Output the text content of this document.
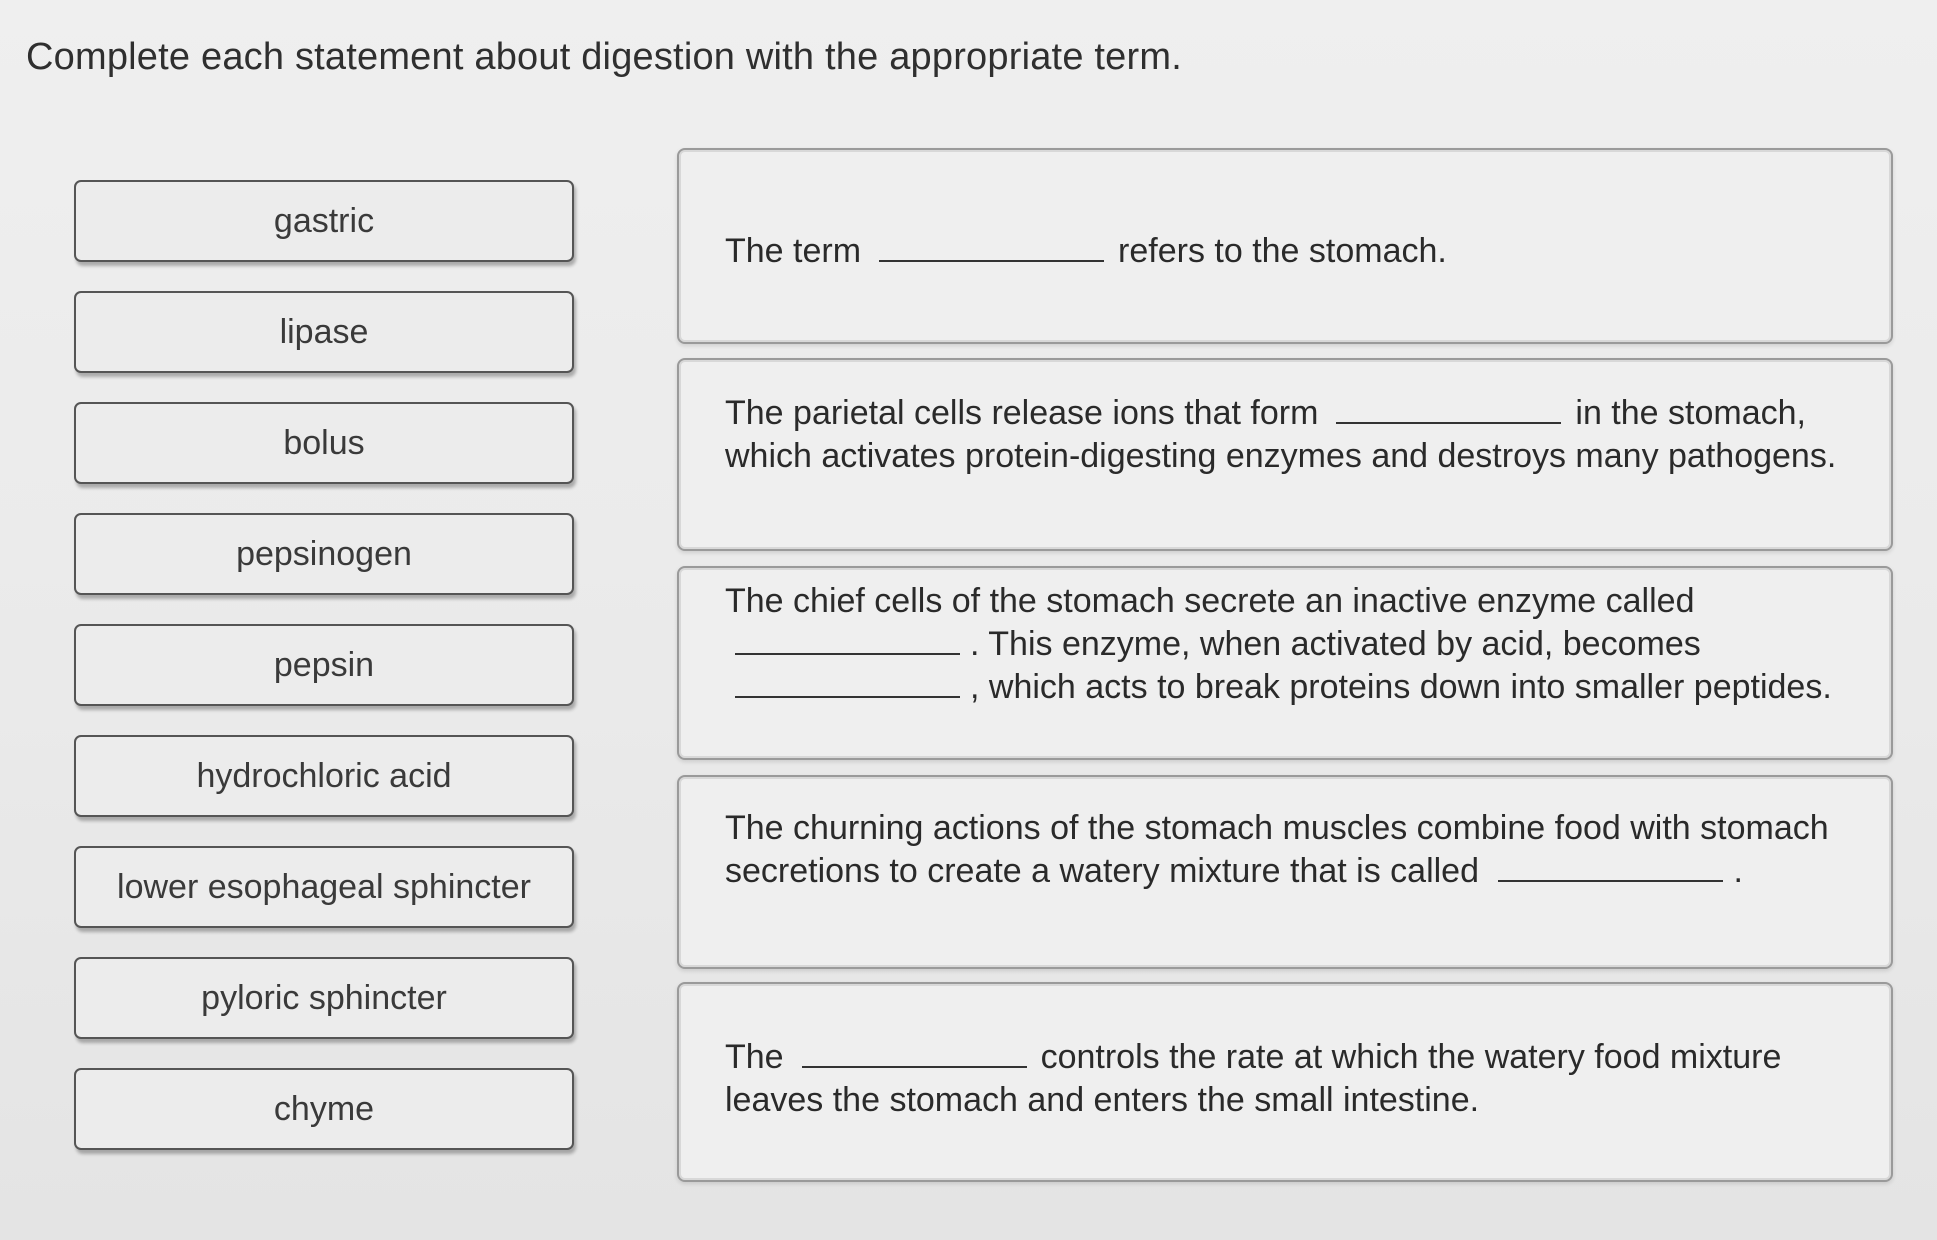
Complete each statement about digestion with the appropriate term.
gastric
lipase
bolus
pepsinogen
pepsin
hydrochloric acid
lower esophageal sphincter
pyloric sphincter
chyme
The term	refers to the stomach.
The parietal cells release ions that form	in the stomach, which activates protein-digesting enzymes and destroys many pathogens.
The chief cells of the stomach secrete an inactive enzyme called . This enzyme, when activated by acid, becomes , which acts to break proteins down into smaller peptides.
The churning actions of the stomach muscles combine food with stomach secretions to create a watery mixture that is called	.
The	controls the rate at which the watery food mixture leaves the stomach and enters the small intestine.
